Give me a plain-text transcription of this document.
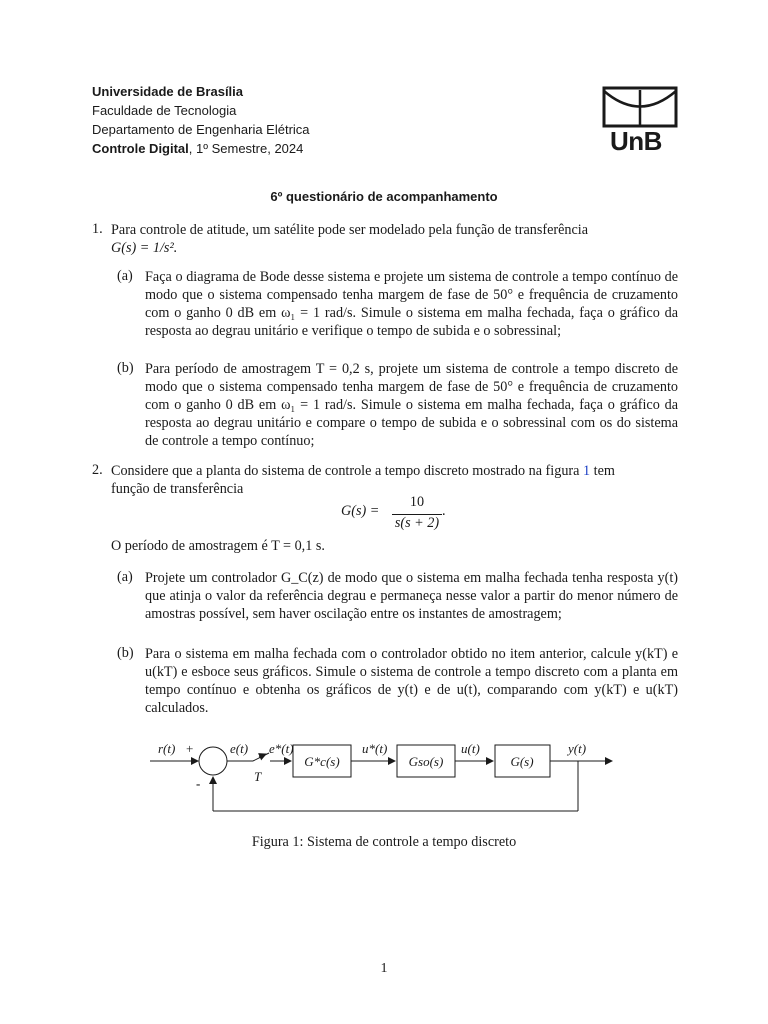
Universidade de Brasília
Faculdade de Tecnologia
Departamento de Engenharia Elétrica
Controle Digital, 1º Semestre, 2024	UnB
6º questionário de acompanhamento
1. Para controle de atitude, um satélite pode ser modelado pela função de transferência
G(s) = 1/s².
(a) Faça o diagrama de Bode desse sistema e projete um sistema de controle a tempo contínuo de modo que o sistema compensado tenha margem de fase de 50° e frequência de cruzamento com o ganho 0 dB em ω₁ = 1 rad/s. Simule o sistema em malha fechada, faça o gráfico da resposta ao degrau unitário e verifique o tempo de subida e o sobressinal;
(b) Para período de amostragem T = 0,2 s, projete um sistema de controle a tempo discreto de modo que o sistema compensado tenha margem de fase de 50° e frequência de cruzamento com o ganho 0 dB em ω₁ = 1 rad/s. Simule o sistema em malha fechada, faça o gráfico da resposta ao degrau unitário e compare o tempo de subida e o sobressinal com os do sistema de controle a tempo contínuo;
2. Considere que a planta do sistema de controle a tempo discreto mostrado na figura 1 tem
função de transferência
G(s) =
10
s(s + 2)
.
O período de amostragem é T = 0,1 s.
(a) Projete um controlador G_C(z) de modo que o sistema em malha fechada tenha resposta y(t) que atinja o valor da referência degrau e permaneça nesse valor a partir do menor número de amostras possível, sem haver oscilação entre os instantes de amostragem;
(b) Para o sistema em malha fechada com o controlador obtido no item anterior, calcule y(kT) e u(kT) e esboce seus gráficos. Simule o sistema de controle a tempo discreto com a planta em tempo contínuo e obtenha os gráficos de y(t) e de u(t), comparando com y(kT) e u(kT) calculados.
r(t) +
-
e(t) e*(t)
T
G*c(s)
u*(t)
Gso(s)
u(t)
G(s)
y(t)
Figura 1: Sistema de controle a tempo discreto
1
